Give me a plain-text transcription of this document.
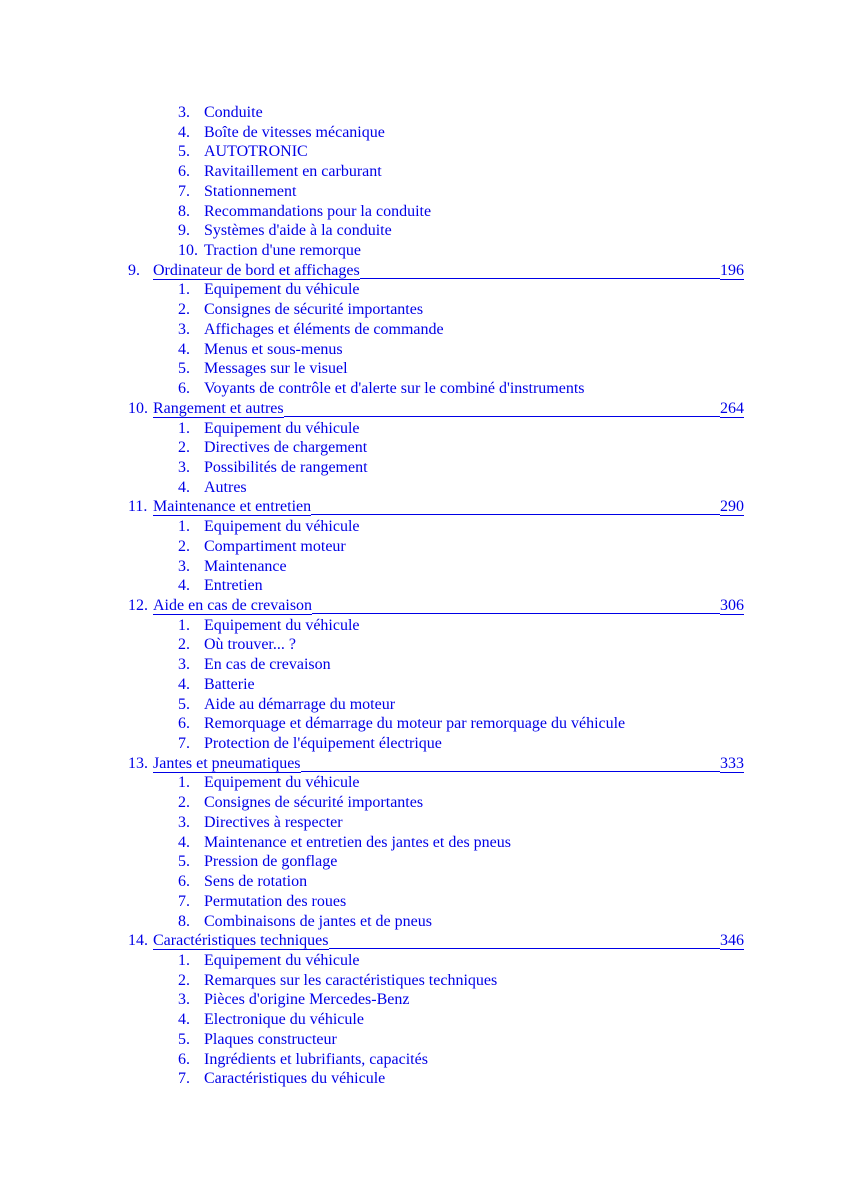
3. Conduite
4. Boîte de vitesses mécanique
5. AUTOTRONIC
6. Ravitaillement en carburant
7. Stationnement
8. Recommandations pour la conduite
9. Systèmes d'aide à la conduite
10. Traction d'une remorque
9. Ordinateur de bord et affichages	196
1. Equipement du véhicule
2. Consignes de sécurité importantes
3. Affichages et éléments de commande
4. Menus et sous-menus
5. Messages sur le visuel
6. Voyants de contrôle et d'alerte sur le combiné d'instruments
10. Rangement et autres	264
1. Equipement du véhicule
2. Directives de chargement
3. Possibilités de rangement
4. Autres
11. Maintenance et entretien	290
1. Equipement du véhicule
2. Compartiment moteur
3. Maintenance
4. Entretien
12. Aide en cas de crevaison	306
1. Equipement du véhicule
2. Où trouver... ?
3. En cas de crevaison
4. Batterie
5. Aide au démarrage du moteur
6. Remorquage et démarrage du moteur par remorquage du véhicule
7. Protection de l'équipement électrique
13. Jantes et pneumatiques	333
1. Equipement du véhicule
2. Consignes de sécurité importantes
3. Directives à respecter
4. Maintenance et entretien des jantes et des pneus
5. Pression de gonflage
6. Sens de rotation
7. Permutation des roues
8. Combinaisons de jantes et de pneus
14. Caractéristiques techniques	346
1. Equipement du véhicule
2. Remarques sur les caractéristiques techniques
3. Pièces d'origine Mercedes-Benz
4. Electronique du véhicule
5. Plaques constructeur
6. Ingrédients et lubrifiants, capacités
7. Caractéristiques du véhicule
